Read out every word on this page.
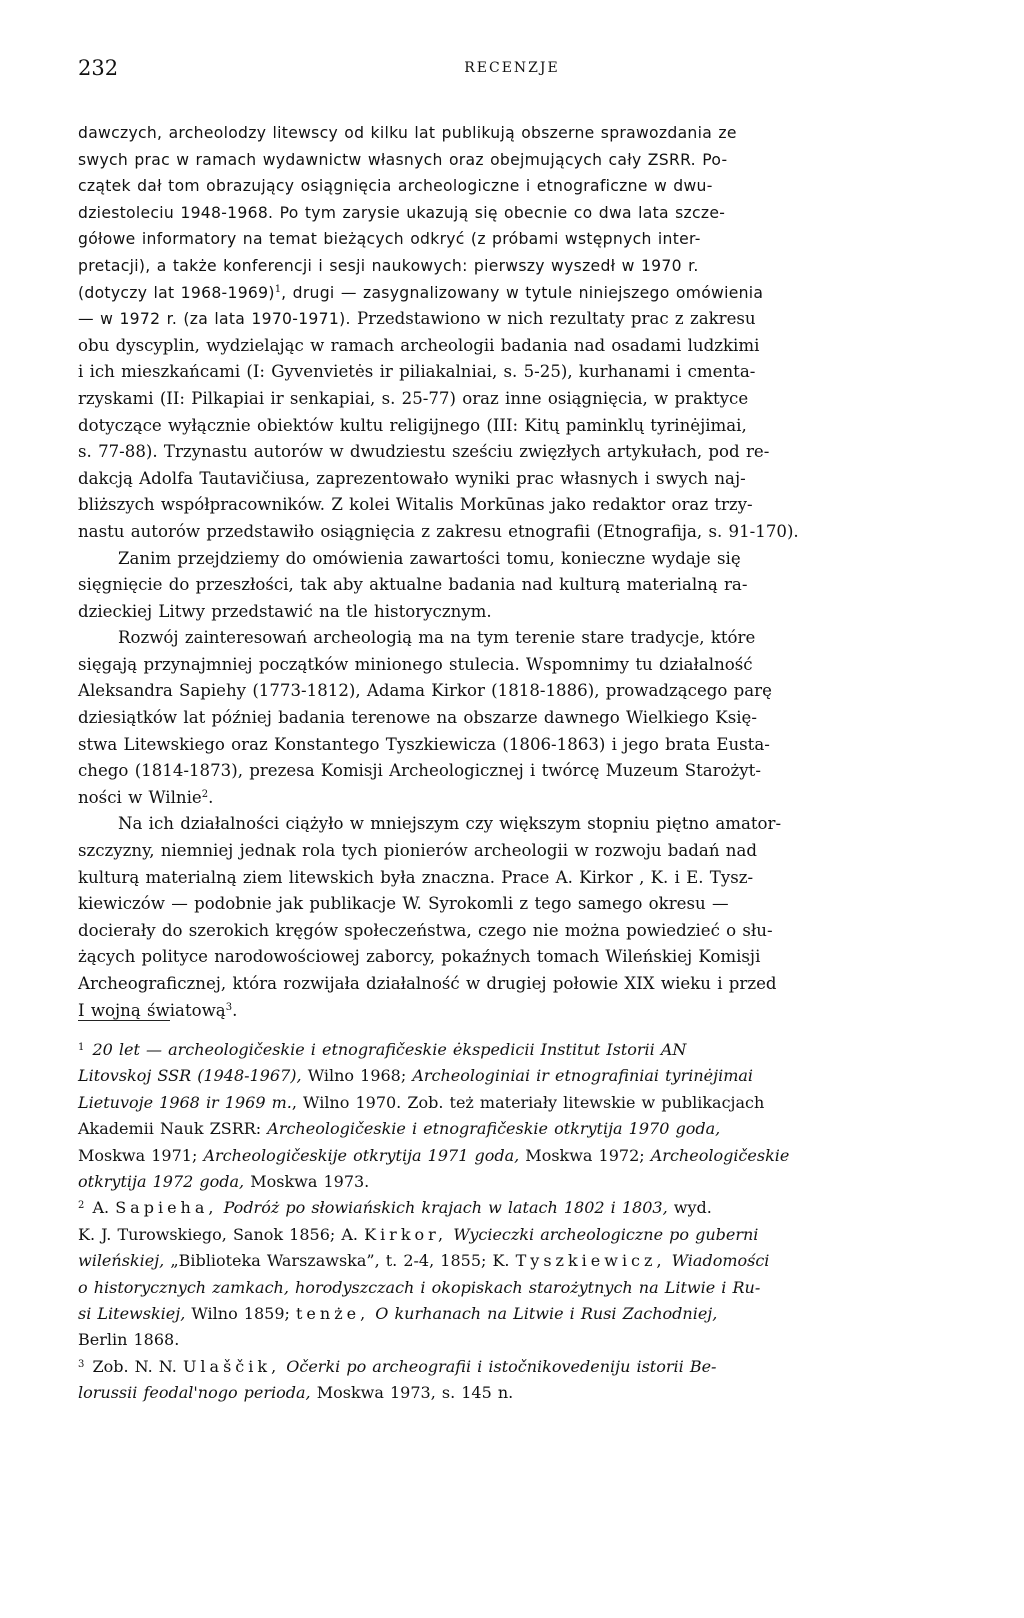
232	RECENZJE

dawczych, archeolodzy litewscy od kilku lat publikują obszerne sprawozdania ze
swych prac w ramach wydawnictw własnych oraz obejmujących cały ZSRR. Po-
czątek dał tom obrazujący osiągnięcia archeologiczne i etnograficzne w dwu-
dziestoleciu 1948-1968. Po tym zarysie ukazują się obecnie co dwa lata szcze-
gółowe informatory na temat bieżących odkryć (z próbami wstępnych inter-
pretacji), a także konferencji i sesji naukowych: pierwszy wyszedł w 1970 r.
(dotyczy lat 1968-1969)$^1$, drugi — zasygnalizowany w tytule niniejszego omówienia
— w 1972 r. (za lata 1970-1971). Przedstawiono w nich rezultaty prac z zakresu
obu dyscyplin, wydzielając w ramach archeologii badania nad osadami ludzkimi
i ich mieszkańcami (I: Gyvenvietės ir piliakalniai, s. 5-25), kurhanami i cmenta-
rzyskami (II: Pilkapiai ir senkapiai, s. 25-77) oraz inne osiągnięcia, w praktyce
dotyczące wyłącznie obiektów kultu religijnego (III: Kitų paminklų tyrinėjimai,
s. 77-88). Trzynastu autorów w dwudziestu sześciu zwięzłych artykułach, pod re-
dakcją Adolfa Tautavičiusa, zaprezentowało wyniki prac własnych i swych naj-
bliższych współpracowników. Z kolei Witalis Morkūnas jako redaktor oraz trzy-
nastu autorów przedstawiło osiągnięcia z zakresu etnografii (Etnografija, s. 91-170).

Zanim przejdziemy do omówienia zawartości tomu, konieczne wydaje się
sięgnięcie do przeszłości, tak aby aktualne badania nad kulturą materialną ra-
dzieckiej Litwy przedstawić na tle historycznym.

Rozwój zainteresowań archeologią ma na tym terenie stare tradycje, które
sięgają przynajmniej początków minionego stulecia. Wspomnimy tu działalność
Aleksandra Sapiehy (1773-1812), Adama Kirkor (1818-1886), prowadzącego parę
dziesiątków lat później badania terenowe na obszarze dawnego Wielkiego Księ-
stwa Litewskiego oraz Konstantego Tyszkiewicza (1806-1863) i jego brata Eusta-
chego (1814-1873), prezesa Komisji Archeologicznej i twórcę Muzeum Starożyt-
ności w Wilnie$^2$.

Na ich działalności ciążyło w mniejszym czy większym stopniu piętno amator-
szczyzny, niemniej jednak rola tych pionierów archeologii w rozwoju badań nad
kulturą materialną ziem litewskich była znaczna. Prace A. Kirkor , K. i E. Tysz-
kiewiczów — podobnie jak publikacje W. Syrokomli z tego samego okresu —
docierały do szerokich kręgów społeczeństwa, czego nie można powiedzieć o słu-
żących polityce narodowościowej zaborcy, pokaźnych tomach Wileńskiej Komisji
Archeograficznej, która rozwijała działalność w drugiej połowie XIX wieku i przed
I wojną światową$^3$.

$^1$ 20 let — archeologičeskie i etnografičeskie ėkspedicii Institut Istorii AN
Litovskoj SSR (1948-1967), Wilno 1968; Archeologiniai ir etnografiniai tyrinėjimai
Lietuvoje 1968 ir 1969 m., Wilno 1970. Zob. też materiały litewskie w publikacjach
Akademii Nauk ZSRR: Archeologičeskie i etnografičeskie otkrytija 1970 goda,
Moskwa 1971; Archeologičeskije otkrytija 1971 goda, Moskwa 1972; Archeologičeskie
otkrytija 1972 goda, Moskwa 1973.

$^2$ A. Sapieha, Podróż po słowiańskich krajach w latach 1802 i 1803, wyd.
K. J. Turowskiego, Sanok 1856; A. Kirkor, Wycieczki archeologiczne po guberni
wileńskiej, „Biblioteka Warszawska”, t. 2-4, 1855; K. Tyszkiewicz, Wiadomości
o historycznych zamkach, horodyszczach i okopiskach starożytnych na Litwie i Ru-
si Litewskiej, Wilno 1859; tenże, O kurhanach na Litwie i Rusi Zachodniej,
Berlin 1868.

$^3$ Zob. N. N. Ulaščik, Očerki po archeografii i istočnikovedeniju istorii Be-
lorussii feodal'nogo perioda, Moskwa 1973, s. 145 n.
